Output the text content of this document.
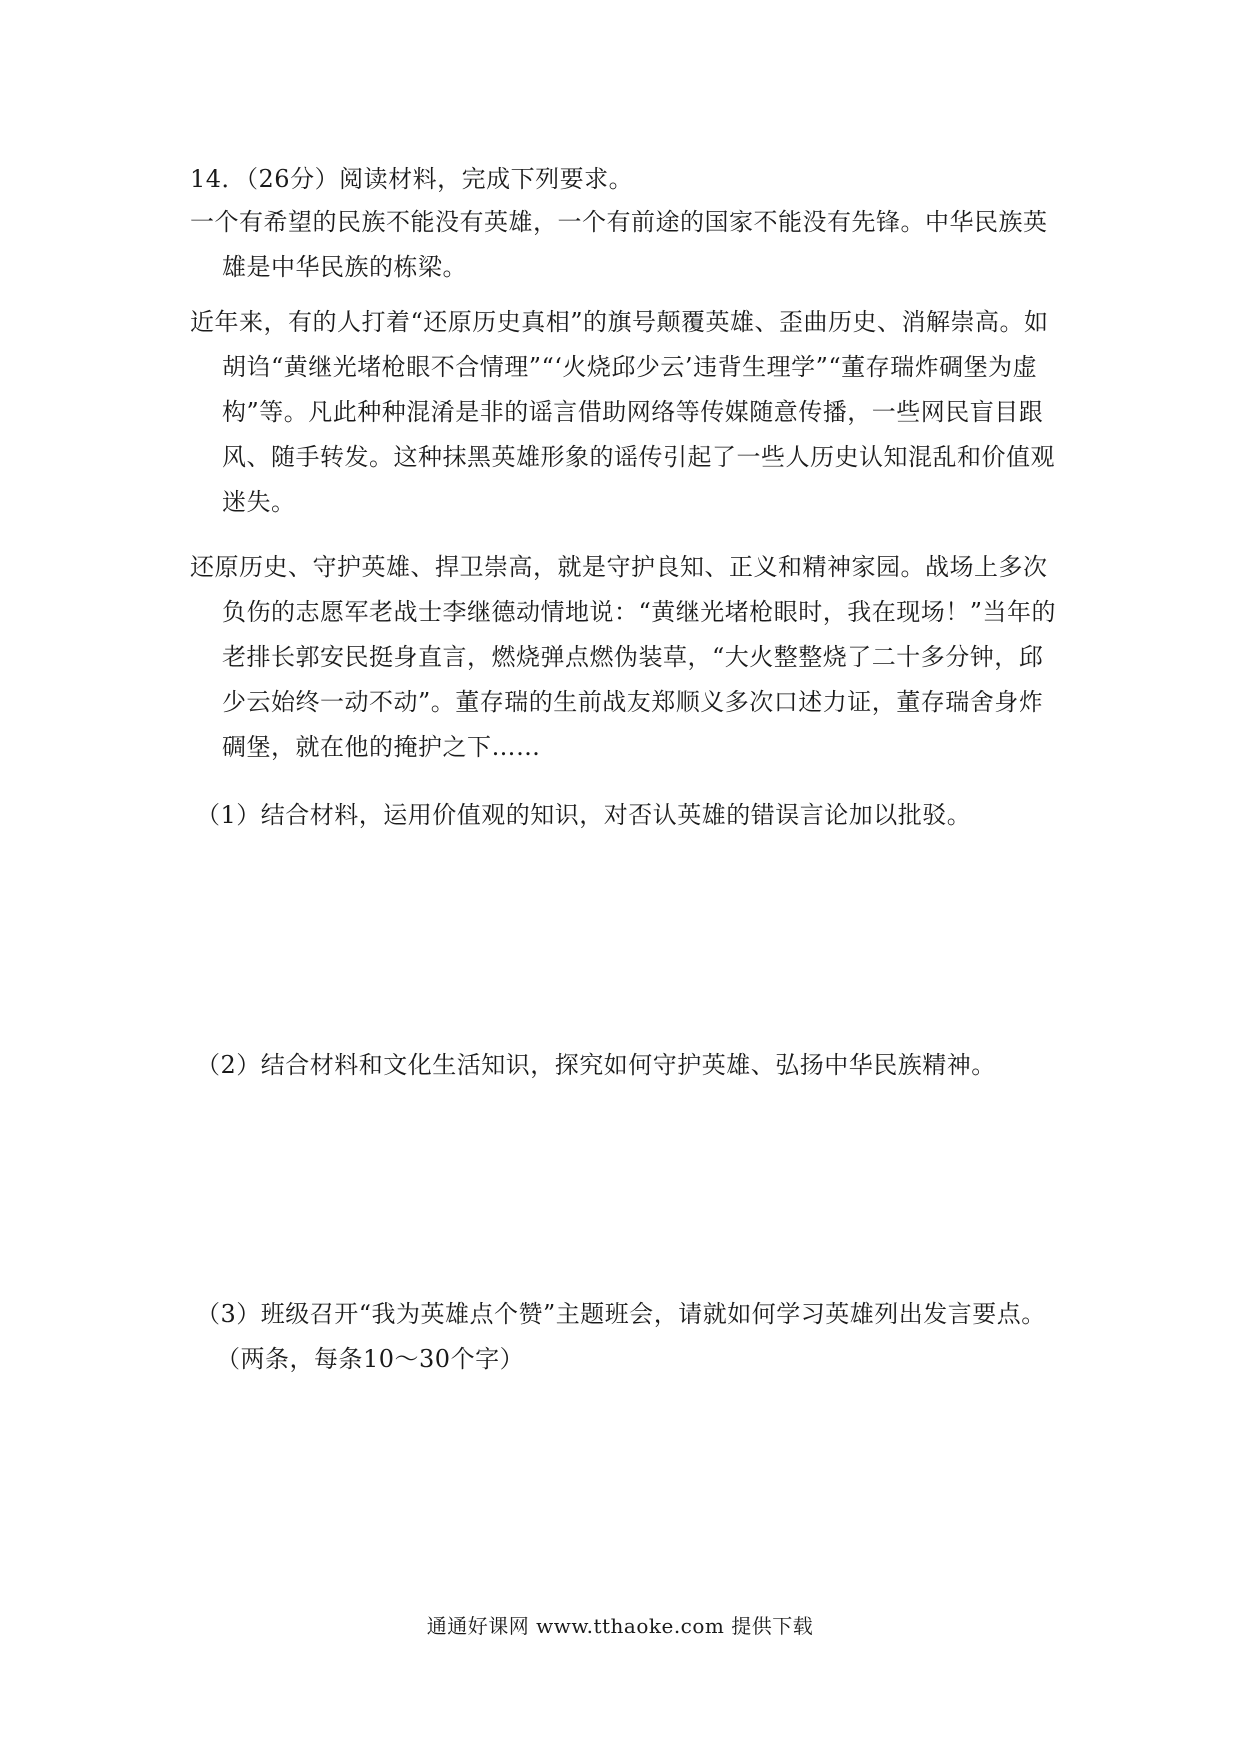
14．（26分）阅读材料，完成下列要求。

一个有希望的民族不能没有英雄，一个有前途的国家不能没有先锋。中华民族英雄是中华民族的栋梁。

近年来，有的人打着“还原历史真相”的旗号颠覆英雄、歪曲历史、消解崇高。如胡诌“黄继光堵枪眼不合情理”“‘火烧邱少云’违背生理学”“董存瑞炸碉堡为虚构”等。凡此种种混淆是非的谣言借助网络等传媒随意传播，一些网民盲目跟风、随手转发。这种抹黑英雄形象的谣传引起了一些人历史认知混乱和价值观迷失。

还原历史、守护英雄、捍卫崇高，就是守护良知、正义和精神家园。战场上多次负伤的志愿军老战士李继德动情地说：“黄继光堵枪眼时，我在现场！”当年的老排长郭安民挺身直言，燃烧弹点燃伪装草，“大火整整烧了二十多分钟，邱少云始终一动不动”。董存瑞的生前战友郑顺义多次口述力证，董存瑞舍身炸碉堡，就在他的掩护之下……

（1）结合材料，运用价值观的知识，对否认英雄的错误言论加以批驳。

（2）结合材料和文化生活知识，探究如何守护英雄、弘扬中华民族精神。

（3）班级召开“我为英雄点个赞”主题班会，请就如何学习英雄列出发言要点。

（两条，每条10～30个字）
通通好课网 www.tthaoke.com 提供下载
